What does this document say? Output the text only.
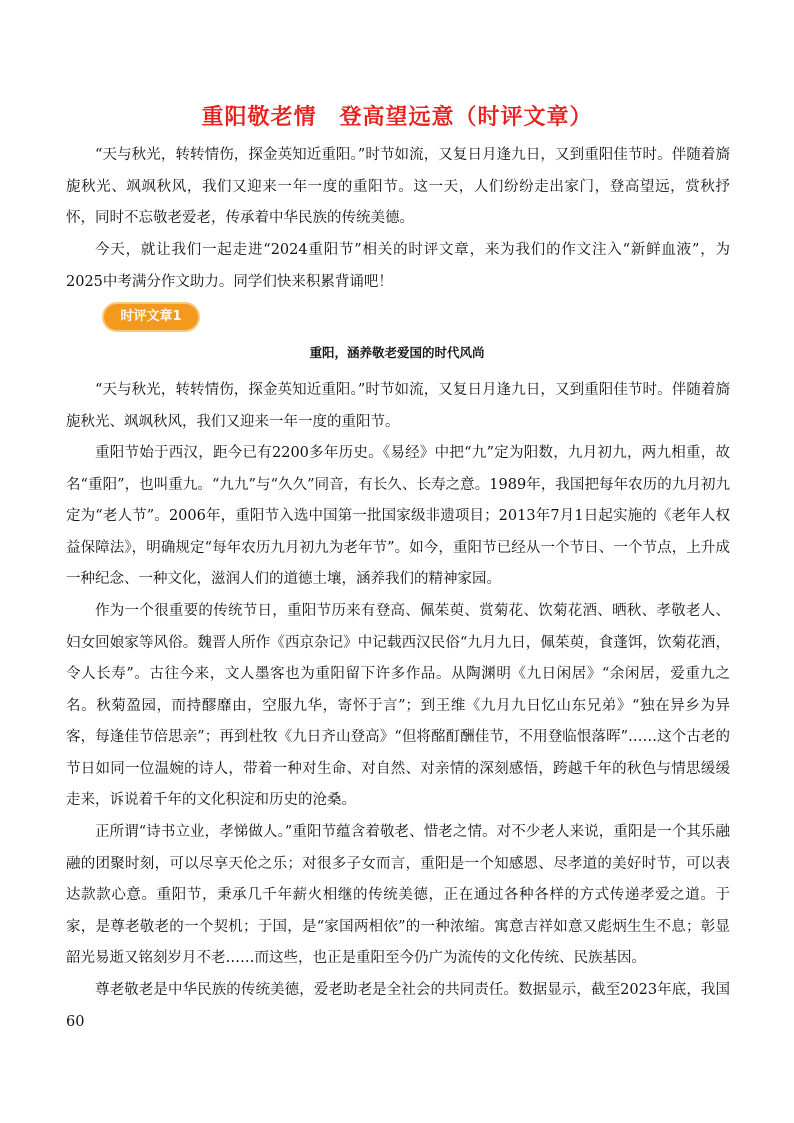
重阳敬老情　登高望远意（时评文章）

“天与秋光，转转情伤，探金英知近重阳。”时节如流，又复日月逢九日，又到重阳佳节时。伴随着旖旎秋光、飒飒秋风，我们又迎来一年一度的重阳节。这一天，人们纷纷走出家门，登高望远，赏秋抒怀，同时不忘敬老爱老，传承着中华民族的传统美德。

今天，就让我们一起走进“2024重阳节”相关的时评文章，来为我们的作文注入“新鲜血液”，为2025中考满分作文助力。同学们快来积累背诵吧！

时评文章1
重阳，涵养敬老爱国的时代风尚

“天与秋光，转转情伤，探金英知近重阳。”时节如流，又复日月逢九日，又到重阳佳节时。伴随着旖旎秋光、飒飒秋风，我们又迎来一年一度的重阳节。

重阳节始于西汉，距今已有2200多年历史。《易经》中把“九”定为阳数，九月初九，两九相重，故名“重阳”，也叫重九。“九九”与“久久”同音，有长久、长寿之意。1989年，我国把每年农历的九月初九定为“老人节”。2006年，重阳节入选中国第一批国家级非遗项目；2013年7月1日起实施的《老年人权益保障法》，明确规定“每年农历九月初九为老年节”。如今，重阳节已经从一个节日、一个节点，上升成一种纪念、一种文化，滋润人们的道德土壤，涵养我们的精神家园。

作为一个很重要的传统节日，重阳节历来有登高、佩茱萸、赏菊花、饮菊花酒、晒秋、孝敬老人、妇女回娘家等风俗。魏晋人所作《西京杂记》中记载西汉民俗“九月九日，佩茱萸，食蓬饵，饮菊花酒，令人长寿”。古往今来，文人墨客也为重阳留下许多作品。从陶渊明《九日闲居》“余闲居，爱重九之名。秋菊盈园，而持醪靡由，空服九华，寄怀于言”；到王维《九月九日忆山东兄弟》“独在异乡为异客，每逢佳节倍思亲”；再到杜牧《九日齐山登高》“但将酩酊酬佳节，不用登临恨落晖”……这个古老的节日如同一位温婉的诗人，带着一种对生命、对自然、对亲情的深刻感悟，跨越千年的秋色与情思缓缓走来，诉说着千年的文化积淀和历史的沧桑。

正所谓“诗书立业，孝悌做人。”重阳节蕴含着敬老、惜老之情。对不少老人来说，重阳是一个其乐融融的团聚时刻，可以尽享天伦之乐；对很多子女而言，重阳是一个知感恩、尽孝道的美好时节，可以表达款款心意。重阳节，秉承几千年薪火相继的传统美德，正在通过各种各样的方式传递孝爱之道。于家，是尊老敬老的一个契机；于国，是“家国两相依”的一种浓缩。寓意吉祥如意又彪炳生生不息；彰显韶光易逝又铭刻岁月不老……而这些，也正是重阳至今仍广为流传的文化传统、民族基因。

尊老敬老是中华民族的传统美德，爱老助老是全社会的共同责任。数据显示，截至2023年底，我国60
